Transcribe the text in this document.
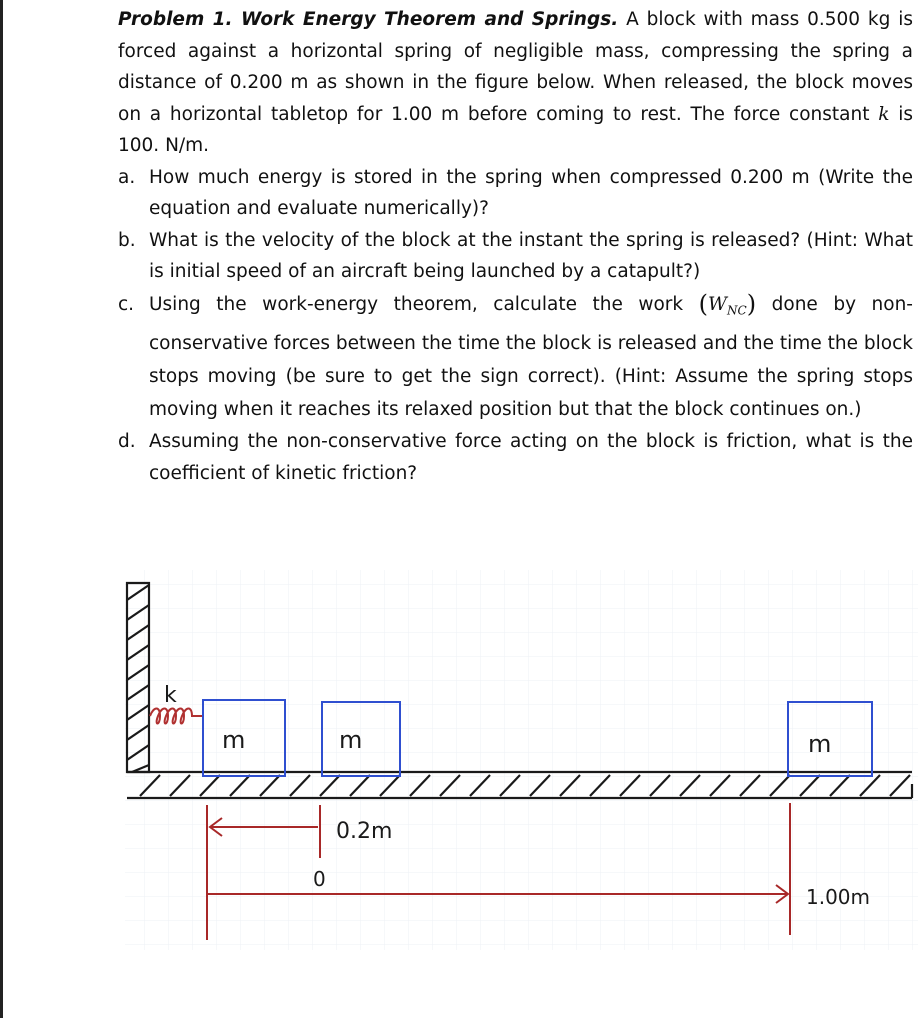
Problem 1. Work Energy Theorem and Springs. A block with mass 0.500 kg is forced against a horizontal spring of negligible mass, compressing the spring a distance of 0.200 m as shown in the figure below. When released, the block moves on a horizontal tabletop for 1.00 m before coming to rest. The force constant k is 100. N/m.

a. How much energy is stored in the spring when compressed 0.200 m (Write the equation and evaluate numerically)?

b. What is the velocity of the block at the instant the spring is released? (Hint: What is initial speed of an aircraft being launched by a catapult?)

c. Using the work-energy theorem, calculate the work $(W_{NC})$ done by non-conservative forces between the time the block is released and the time the block stops moving (be sure to get the sign correct). (Hint: Assume the spring stops moving when it reaches its relaxed position but that the block continues on.)

d. Assuming the non-conservative force acting on the block is friction, what is the coefficient of kinetic friction?

k
m	m	m
0.2m
0
1.00m
